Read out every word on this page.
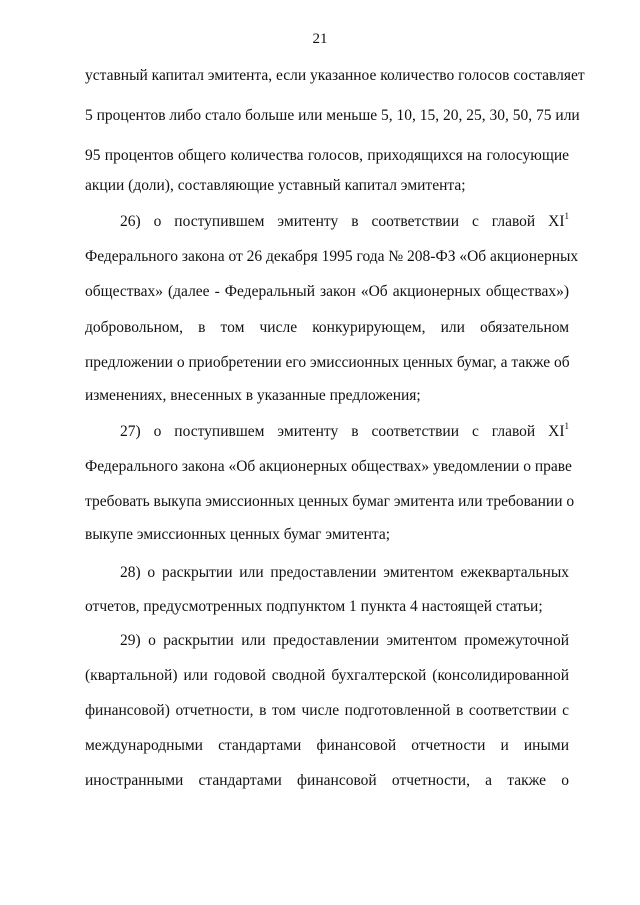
21
уставный капитал эмитента, если указанное количество голосов составляет
5 процентов либо стало больше или меньше 5, 10, 15, 20, 25, 30, 50, 75 или
95 процентов общего количества голосов, приходящихся на голосующие
акции (доли), составляющие уставный капитал эмитента;
26) о поступившем эмитенту в соответствии с главой $XI^1$
Федерального закона от 26 декабря 1995 года № 208-ФЗ «Об акционерных
обществах» (далее - Федеральный закон «Об акционерных обществах»)
добровольном, в том числе конкурирующем, или обязательном
предложении о приобретении его эмиссионных ценных бумаг, а также об
изменениях, внесенных в указанные предложения;
27) о поступившем эмитенту в соответствии с главой $XI^1$
Федерального закона «Об акционерных обществах» уведомлении о праве
требовать выкупа эмиссионных ценных бумаг эмитента или требовании о
выкупе эмиссионных ценных бумаг эмитента;
28) о раскрытии или предоставлении эмитентом ежеквартальных
отчетов, предусмотренных подпунктом 1 пункта 4 настоящей статьи;
29) о раскрытии или предоставлении эмитентом промежуточной
(квартальной) или годовой сводной бухгалтерской (консолидированной
финансовой) отчетности, в том числе подготовленной в соответствии с
международными стандартами финансовой отчетности и иными
иностранными стандартами финансовой отчетности, а также о
